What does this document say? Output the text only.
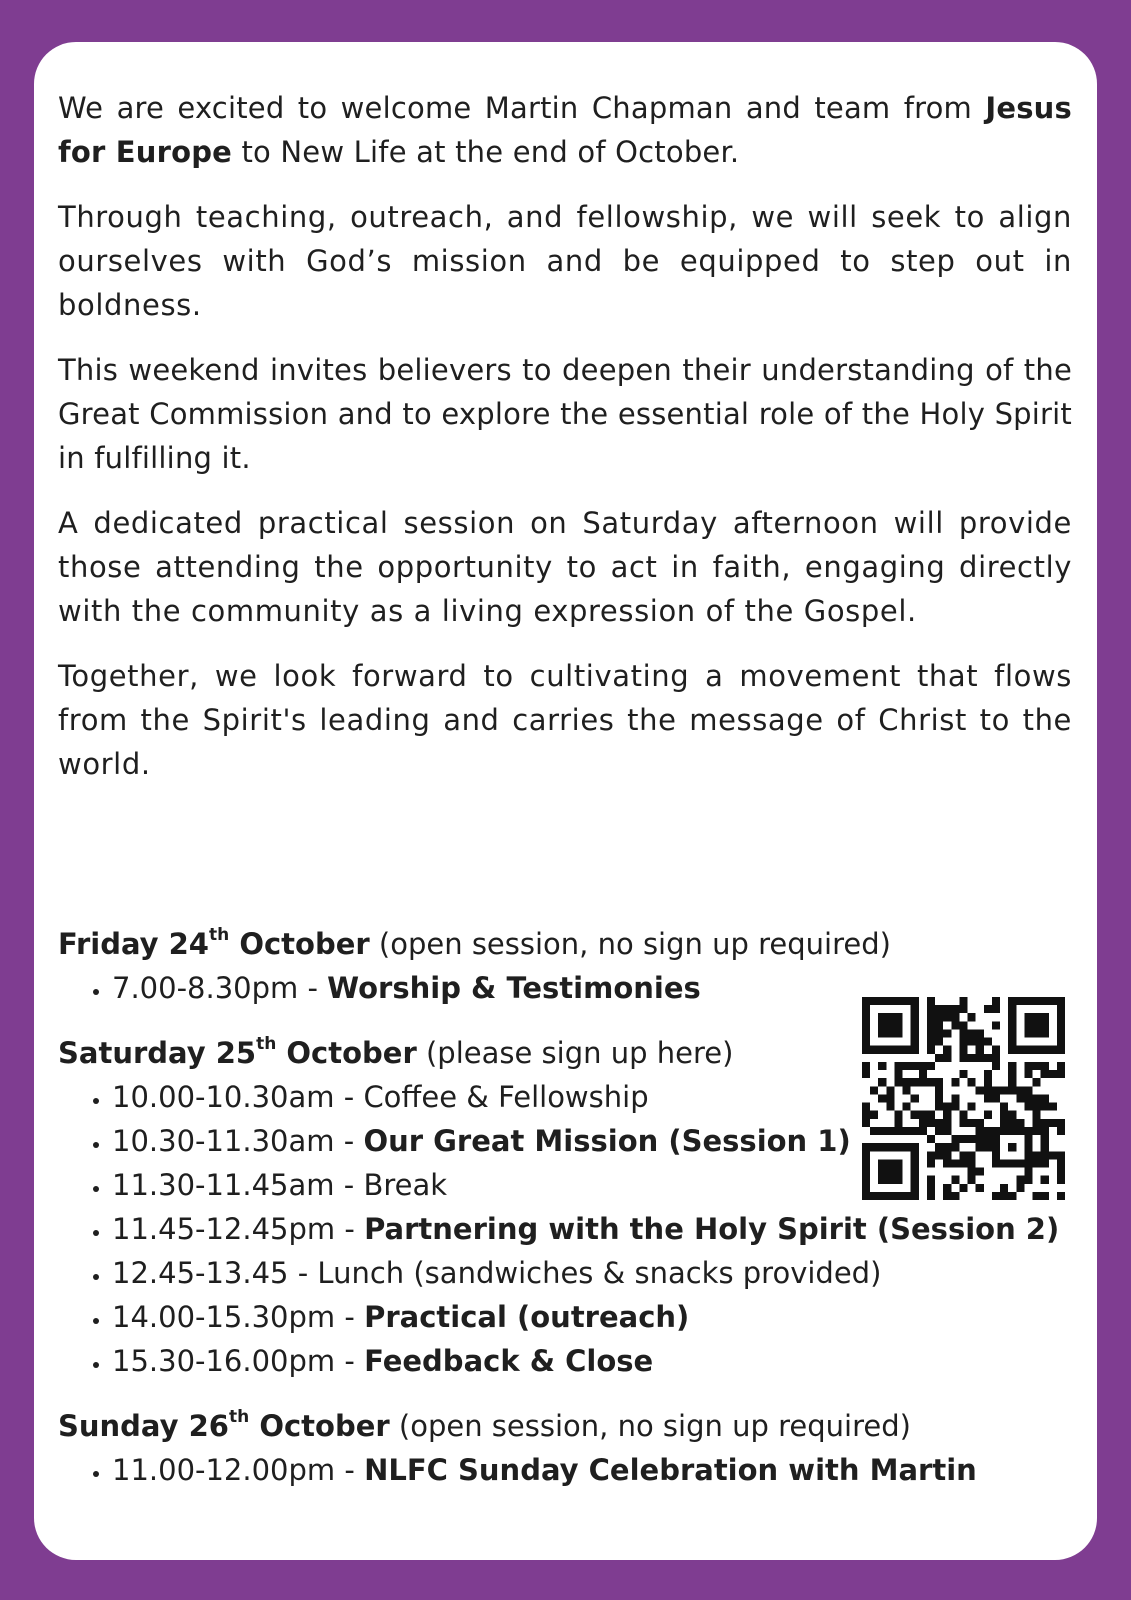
We are excited to welcome Martin Chapman and team from Jesus for Europe to New Life at the end of October.

Through teaching, outreach, and fellowship, we will seek to align ourselves with God’s mission and be equipped to step out in boldness.

This weekend invites believers to deepen their understanding of the Great Commission and to explore the essential role of the Holy Spirit in fulfilling it.

A dedicated practical session on Saturday afternoon will provide those attending the opportunity to act in faith, engaging directly with the community as a living expression of the Gospel.

Together, we look forward to cultivating a movement that flows from the Spirit's leading and carries the message of Christ to the world.

Friday 24th October (open session, no sign up required)

• 7.00-8.30pm - Worship & Testimonies

Saturday 25th October (please sign up here)

• 10.00-10.30am - Coffee & Fellowship
• 10.30-11.30am - Our Great Mission (Session 1)
• 11.30-11.45am - Break
• 11.45-12.45pm - Partnering with the Holy Spirit (Session 2)
• 12.45-13.45 - Lunch (sandwiches & snacks provided)
• 14.00-15.30pm - Practical (outreach)
• 15.30-16.00pm - Feedback & Close

Sunday 26th October (open session, no sign up required)

• 11.00-12.00pm - NLFC Sunday Celebration with Martin
